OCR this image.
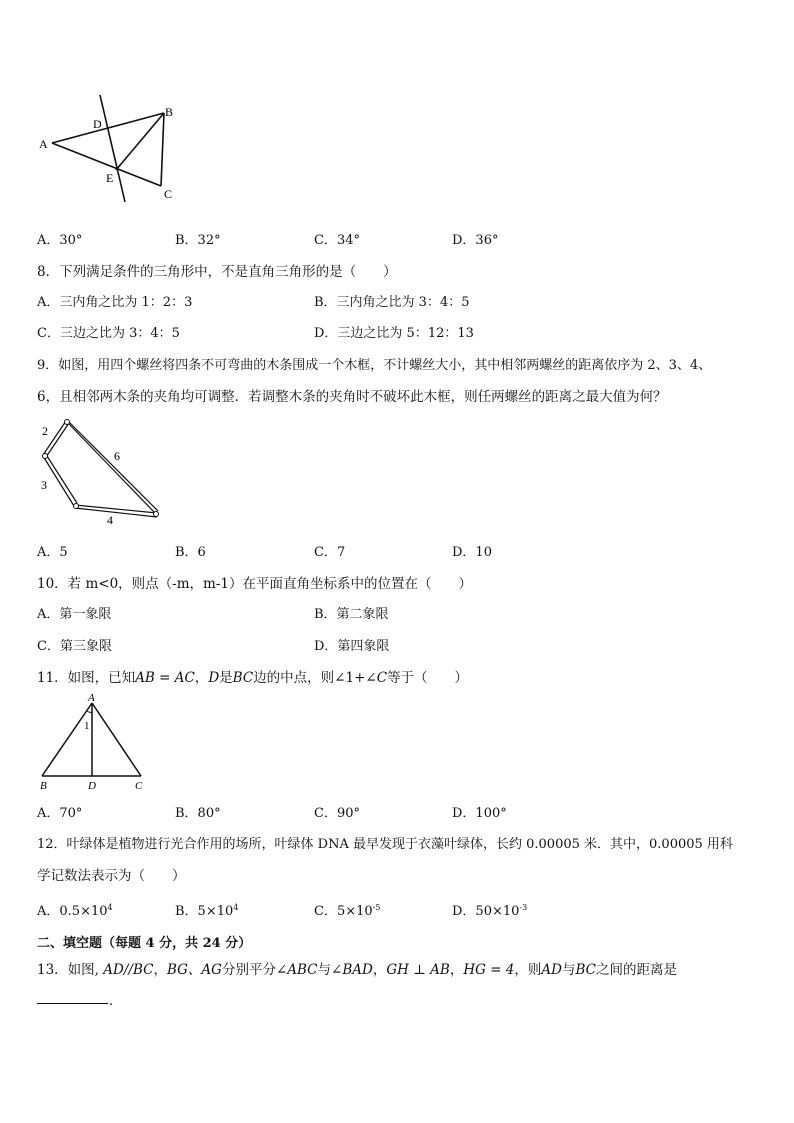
A
B
C
D
E
A．30°	B．32°	C．34°	D．36°
8．下列满足条件的三角形中，不是直角三角形的是（　　）
A．三内角之比为 1：2：3	B．三内角之比为 3：4：5
C．三边之比为 3：4：5	D．三边之比为 5：12：13
9．如图，用四个螺丝将四条不可弯曲的木条围成一个木框，不计螺丝大小，其中相邻两螺丝的距离依序为 2、3、4、
6，且相邻两木条的夹角均可调整．若调整木条的夹角时不破坏此木框，则任两螺丝的距离之最大值为何？
2
6
3
4
A．5	B．6	C．7	D．10
10．若 m<0，则点（-m，m-1）在平面直角坐标系中的位置在（　　）
A．第一象限	B．第二象限
C．第三象限	D．第四象限
11．如图，已知AB = AC，D是BC边的中点，则∠1+∠C等于（　　）
A
1
B	D	C
A．70°	B．80°	C．90°	D．100°
12．叶绿体是植物进行光合作用的场所，叶绿体 DNA 最早发现于衣藻叶绿体，长约 0.00005 米．其中，0.00005 用科
学记数法表示为（　　）
A．$0.5\times 10^4$	B．$5\times 10^4$	C．$5\times 10^{-5}$	D．$50\times 10^{-3}$
二、填空题（每题 4 分，共 24 分）
13．如图, AD//BC，BG、AG分别平分∠ABC与∠BAD，GH ⊥ AB，HG = 4，则AD与BC之间的距离是
．
